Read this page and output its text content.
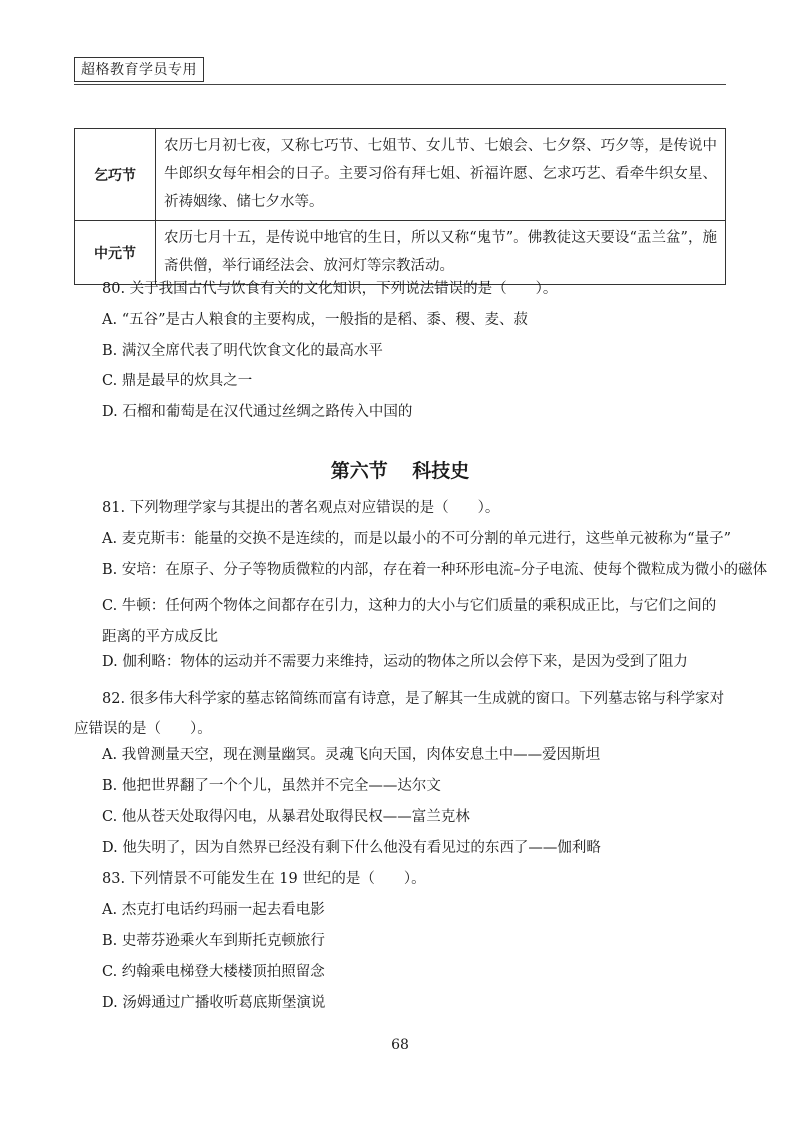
超格教育学员专用
乞巧节	农历七月初七夜，又称七巧节、七姐节、女儿节、七娘会、七夕祭、巧夕等，是传说中牛郎织女每年相会的日子。主要习俗有拜七姐、祈福许愿、乞求巧艺、看牵牛织女星、祈祷姻缘、储七夕水等。
中元节	农历七月十五，是传说中地官的生日，所以又称“鬼节”。佛教徒这天要设“盂兰盆”，施斋供僧，举行诵经法会、放河灯等宗教活动。
80. 关于我国古代与饮食有关的文化知识，下列说法错误的是（　　）。
A. “五谷”是古人粮食的主要构成，一般指的是稻、黍、稷、麦、菽
B. 满汉全席代表了明代饮食文化的最高水平
C. 鼎是最早的炊具之一
D. 石榴和葡萄是在汉代通过丝绸之路传入中国的
第六节 科技史
81. 下列物理学家与其提出的著名观点对应错误的是（　　）。
A. 麦克斯韦：能量的交换不是连续的，而是以最小的不可分割的单元进行，这些单元被称为“量子”
B. 安培：在原子、分子等物质微粒的内部，存在着一种环形电流–分子电流、使每个微粒成为微小的磁体
C. 牛顿：任何两个物体之间都存在引力，这种力的大小与它们质量的乘积成正比，与它们之间的距离的平方成反比
D. 伽利略：物体的运动并不需要力来维持，运动的物体之所以会停下来，是因为受到了阻力
82. 很多伟大科学家的墓志铭简练而富有诗意，是了解其一生成就的窗口。下列墓志铭与科学家对应错误的是（　　）。
A. 我曾测量天空，现在测量幽冥。灵魂飞向天国，肉体安息土中——爱因斯坦
B. 他把世界翻了一个个儿，虽然并不完全——达尔文
C. 他从苍天处取得闪电，从暴君处取得民权——富兰克林
D. 他失明了，因为自然界已经没有剩下什么他没有看见过的东西了——伽利略
83. 下列情景不可能发生在 19 世纪的是（　　）。
A. 杰克打电话约玛丽一起去看电影
B. 史蒂芬逊乘火车到斯托克顿旅行
C. 约翰乘电梯登大楼楼顶拍照留念
D. 汤姆通过广播收听葛底斯堡演说
68
